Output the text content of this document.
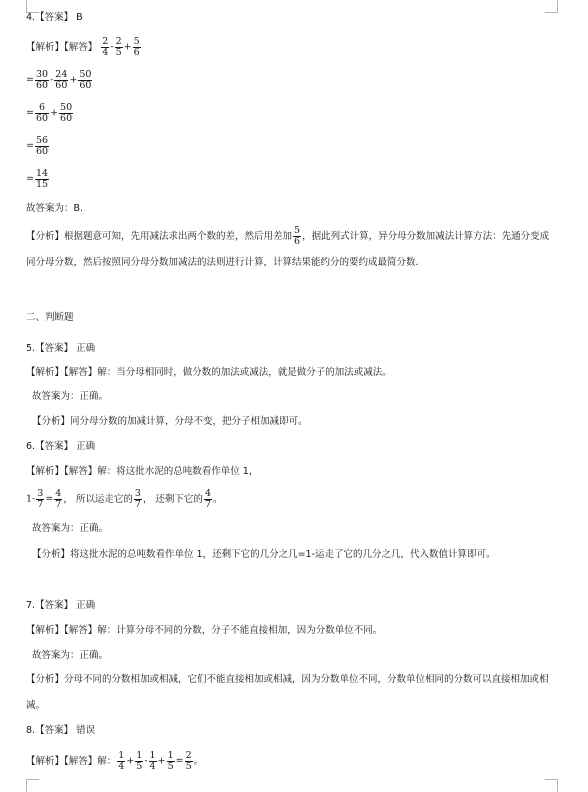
4.【答案】 B
【解析】【解答】 $\frac{2}{4} - \frac{2}{5} + \frac{5}{6}$
= $\frac{30}{60} - \frac{24}{60} + \frac{50}{60}$
= $\frac{6}{60} + \frac{50}{60}$
= $\frac{56}{60}$
= $\frac{14}{15}$
故答案为：B.
【分析】根据题意可知，先用减法求出两个数的差，然后用差加 $\frac{5}{6}$ ，据此列式计算，异分母分数加减法计算方法：先通分变成同分母分数，然后按照同分母分数加减法的法则进行计算，计算结果能约分的要约成最简分数.
二、判断题
5.【答案】 正确
【解析】【解答】解：当分母相同时，做分数的加法或减法，就是做分子的加法或减法。
故答案为：正确。
【分析】同分母分数的加减计算，分母不变，把分子相加减即可。
6.【答案】 正确
【解析】【解答】解：将这批水泥的总吨数看作单位 1，
$1- \frac{3}{7} = \frac{4}{7}$ ， 所以运走它的 $\frac{3}{7}$ ， 还剩下它的 $\frac{4}{7}$ 。
故答案为：正确。
【分析】将这批水泥的总吨数看作单位 1，还剩下它的几分之几=1-运走了它的几分之几，代入数值计算即可。
7.【答案】 正确
【解析】【解答】解：计算分母不同的分数，分子不能直接相加，因为分数单位不同。
故答案为：正确。
【分析】分母不同的分数相加或相减，它们不能直接相加或相减，因为分数单位不同，分数单位相同的分数可以直接相加或相减。
8.【答案】 错误
【解析】【解答】解： $\frac{1}{4} + \frac{1}{5} - \frac{1}{4} + \frac{1}{5} = \frac{2}{5}$ 。
